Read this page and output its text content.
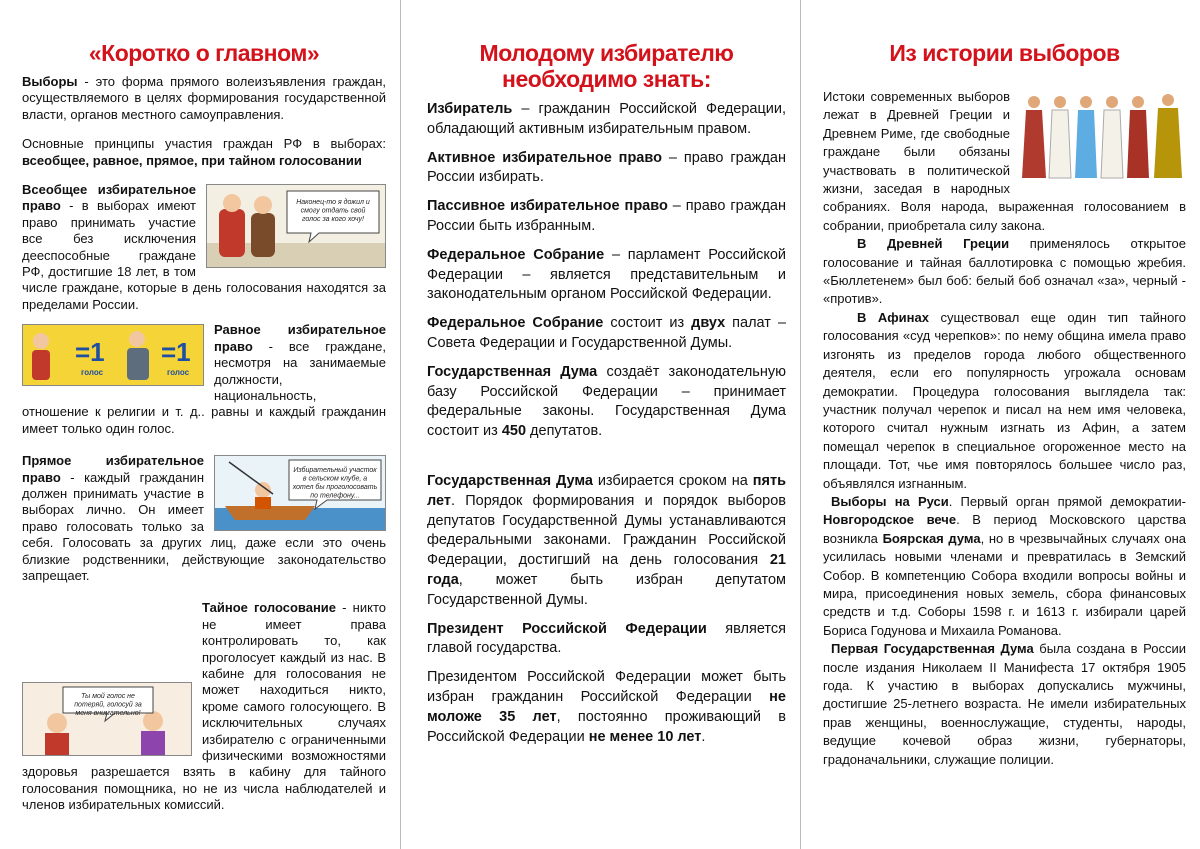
«Коротко о главном»

Выборы - это форма прямого волеизъявления граждан, осуществляемого в целях формирования государственной власти, органов местного самоуправления.

Основные принципы участия граждан РФ в выборах: всеобщее, равное, прямое, при тайном голосовании

Наконец-то я дожил и смогу отдать свой голос за кого хочу!

Всеобщее избирательное право - в выборах имеют право принимать участие все без исключения дееспособные граждане РФ, достигшие 18 лет, в том числе граждане, которые в день голосования находятся за пределами России.

=1
голос
=1
голос

Равное избирательное право - все граждане, несмотря на занимаемые должности, национальность, отношение к религии и т. д.. равны и каждый гражданин имеет только один голос.

Избирательный участок в сельском клубе, а хотел бы проголосовать по телефону...

Прямое избирательное право - каждый гражданин должен принимать участие в выборах лично. Он имеет право голосовать только за себя. Голосовать за других лиц, даже если это очень близкие родственники, действующие законодательство запрещает.

Ты мой голос не потеряй, голосуй за меня внимательно!
Тайное голосование - никто не имеет права контролировать то, как проголосует каждый из нас. В кабине для голосования не может находиться никто, кроме самого голосующего. В исключительных случаях избирателю с ограниченными физическими возможностями здоровья разрешается взять в кабину для тайного голосования помощника, но не из числа наблюдателей и членов избирательных комиссий.

Молодому избирателю необходимо знать:

Избиратель – гражданин Российской Федерации, обладающий активным избирательным правом.

Активное избирательное право – право граждан России избирать.

Пассивное избирательное право – право граждан России быть избранным.

Федеральное Собрание – парламент Российской Федерации – является представительным и законодательным органом Российской Федерации.

Федеральное Собрание состоит из двух палат – Совета Федерации и Государственной Думы.

Государственная Дума создаёт законодательную базу Российской Федерации – принимает федеральные законы. Государственная Дума состоит из 450 депутатов.

Государственная Дума избирается сроком на пять лет. Порядок формирования и порядок выборов депутатов Государственной Думы устанавливаются федеральными законами. Гражданин Российской Федерации, достигший на день голосования 21 года, может быть избран депутатом Государственной Думы.

Президент Российской Федерации является главой государства.

Президентом Российской Федерации может быть избран гражданин Российской Федерации не моложе 35 лет, постоянно проживающий в Российской Федерации не менее 10 лет.

Из истории выборов

Истоки современных выборов лежат в Древней Греции и Древнем Риме, где свободные граждане были обязаны участвовать в политической жизни, заседая в народных собраниях. Воля народа, выраженная голосованием в собрании, приобретала силу закона.

В Древней Греции применялось открытое голосование и тайная баллотировка с помощью жребия. «Бюллетенем» был боб: белый боб означал «за», черный - «против».

В Афинах существовал еще один тип тайного голосования «суд черепков»: по нему община имела право изгонять из пределов города любого общественного деятеля, если его популярность угрожала основам демократии. Процедура голосования выглядела так: участник получал черепок и писал на нем имя человека, которого считал нужным изгнать из Афин, а затем помещал черепок в специальное огороженное место на площади. Тот, чье имя повторялось большее число раз, объявлялся изгнанным.

Выборы на Руси. Первый орган прямой демократии- Новгородское вече. В период Московского царства возникла Боярская дума, но в чрезвычайных случаях она усилилась новыми членами и превратилась в Земский Собор. В компетенцию Собора входили вопросы войны и мира, присоединения новых земель, сбора финансовых средств и т.д. Соборы 1598 г. и 1613 г. избирали царей Бориса Годунова и Михаила Романова.

Первая Государственная Дума была создана в России после издания Николаем II Манифеста 17 октября 1905 года. К участию в выборах допускались мужчины, достигшие 25-летнего возраста. Не имели избирательных прав женщины, военнослужащие, студенты, народы, ведущие кочевой образ жизни, губернаторы, градоначальники, служащие полиции.
